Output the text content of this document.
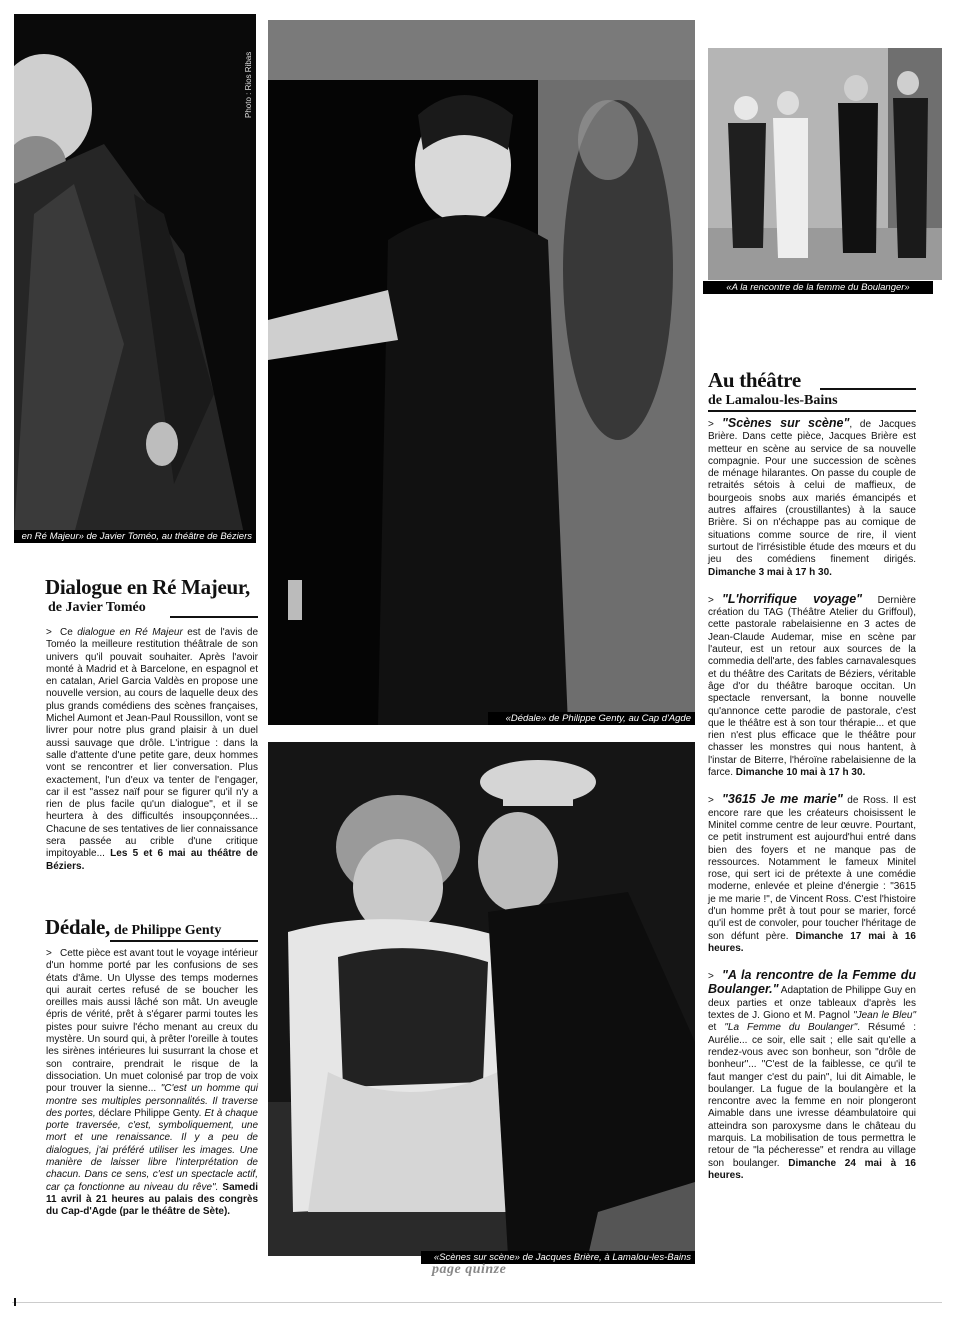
Photo : Rios Ribas
en Ré Majeur» de Javier Toméo, au théâtre de Béziers
«Dédale» de Philippe Genty, au Cap d'Agde
«A la rencontre de la femme du Boulanger»
«Scènes sur scène» de Jacques Brière, à Lamalou-les-Bains
Dialogue en Ré Majeur,
de Javier Toméo

> Ce dialogue en Ré Majeur est de l'avis de Toméo la meilleure restitution théâtrale de son univers qu'il pouvait souhaiter. Après l'avoir monté à Madrid et à Barcelone, en espagnol et en catalan, Ariel Garcia Valdès en propose une nouvelle version, au cours de laquelle deux des plus grands comédiens des scènes françaises, Michel Aumont et Jean-Paul Roussillon, vont se livrer pour notre plus grand plaisir à un duel aussi sauvage que drôle. L'intrigue : dans la salle d'attente d'une petite gare, deux hommes vont se rencontrer et lier conversation. Plus exactement, l'un d'eux va tenter de l'engager, car il est "assez naïf pour se figurer qu'il n'y a rien de plus facile qu'un dialogue", et il se heurtera à des difficultés insoupçonnées... Chacune de ses tentatives de lier connaissance sera passée au crible d'une critique impitoyable... Les 5 et 6 mai au théâtre de Béziers.

Dédale, de Philippe Genty

> Cette pièce est avant tout le voyage intérieur d'un homme porté par les confusions de ses états d'âme. Un Ulysse des temps modernes qui aurait certes refusé de se boucher les oreilles mais aussi lâché son mât. Un aveugle épris de vérité, prêt à s'égarer parmi toutes les pistes pour suivre l'écho menant au creux du mystère. Un sourd qui, à prêter l'oreille à toutes les sirènes intérieures lui susurrant la chose et son contraire, prendrait le risque de la dissociation. Un muet colonisé par trop de voix pour trouver la sienne... "C'est un homme qui montre ses multiples personnalités. Il traverse des portes, déclare Philippe Genty. Et à chaque porte traversée, c'est, symboliquement, une mort et une renaissance. Il y a peu de dialogues, j'ai préféré utiliser les images. Une manière de laisser libre l'interprétation de chacun. Dans ce sens, c'est un spectacle actif, car ça fonctionne au niveau du rêve". Samedi 11 avril à 21 heures au palais des congrès du Cap-d'Agde (par le théâtre de Sète).

Au théâtre
de Lamalou-les-Bains

> "Scènes sur scène", de Jacques Brière. Dans cette pièce, Jacques Brière est metteur en scène au service de sa nouvelle compagnie. Pour une succession de scènes de ménage hilarantes. On passe du couple de retraités sétois à celui de maffieux, de bourgeois snobs aux mariés émancipés et autres affaires (croustillantes) à la sauce Brière. Si on n'échappe pas au comique de situations comme source de rire, il vient surtout de l'irrésistible étude des mœurs et du jeu des comédiens finement dirigés. Dimanche 3 mai à 17 h 30.

> "L'horrifique voyage" Dernière création du TAG (Théâtre Atelier du Griffoul), cette pastorale rabelaisienne en 3 actes de Jean-Claude Audemar, mise en scène par l'auteur, est un retour aux sources de la commedia dell'arte, des fables carnavalesques et du théâtre des Caritats de Béziers, véritable âge d'or du théâtre baroque occitan. Un spectacle renversant, la bonne nouvelle qu'annonce cette parodie de pastorale, c'est que le théâtre est à son tour thérapie... et que rien n'est plus efficace que le théâtre pour chasser les monstres qui nous hantent, à l'instar de Biterre, l'héroïne rabelaisienne de la farce. Dimanche 10 mai à 17 h 30.

> "3615 Je me marie" de Ross. Il est encore rare que les créateurs choisissent le Minitel comme centre de leur œuvre. Pourtant, ce petit instrument est aujourd'hui entré dans bien des foyers et ne manque pas de ressources. Notamment le fameux Minitel rose, qui sert ici de prétexte à une comédie moderne, enlevée et pleine d'énergie : "3615 je me marie !", de Vincent Ross. C'est l'histoire d'un homme prêt à tout pour se marier, forcé qu'il est de convoler, pour toucher l'héritage de son défunt père. Dimanche 17 mai à 16 heures.

> "A la rencontre de la Femme du Boulanger." Adaptation de Philippe Guy en deux parties et onze tableaux d'après les textes de J. Giono et M. Pagnol "Jean le Bleu" et "La Femme du Boulanger". Résumé : Aurélie... ce soir, elle sait ; elle sait qu'elle a rendez-vous avec son bonheur, son "drôle de bonheur"... "C'est de la faiblesse, ce qu'il te faut manger c'est du pain", lui dit Aimable, le boulanger. La fugue de la boulangère et la rencontre avec la femme en noir plongeront Aimable dans une ivresse déambulatoire qui atteindra son paroxysme dans le château du marquis. La mobilisation de tous permettra le retour de "la pécheresse" et rendra au village son boulanger. Dimanche 24 mai à 16 heures.

page quinze
